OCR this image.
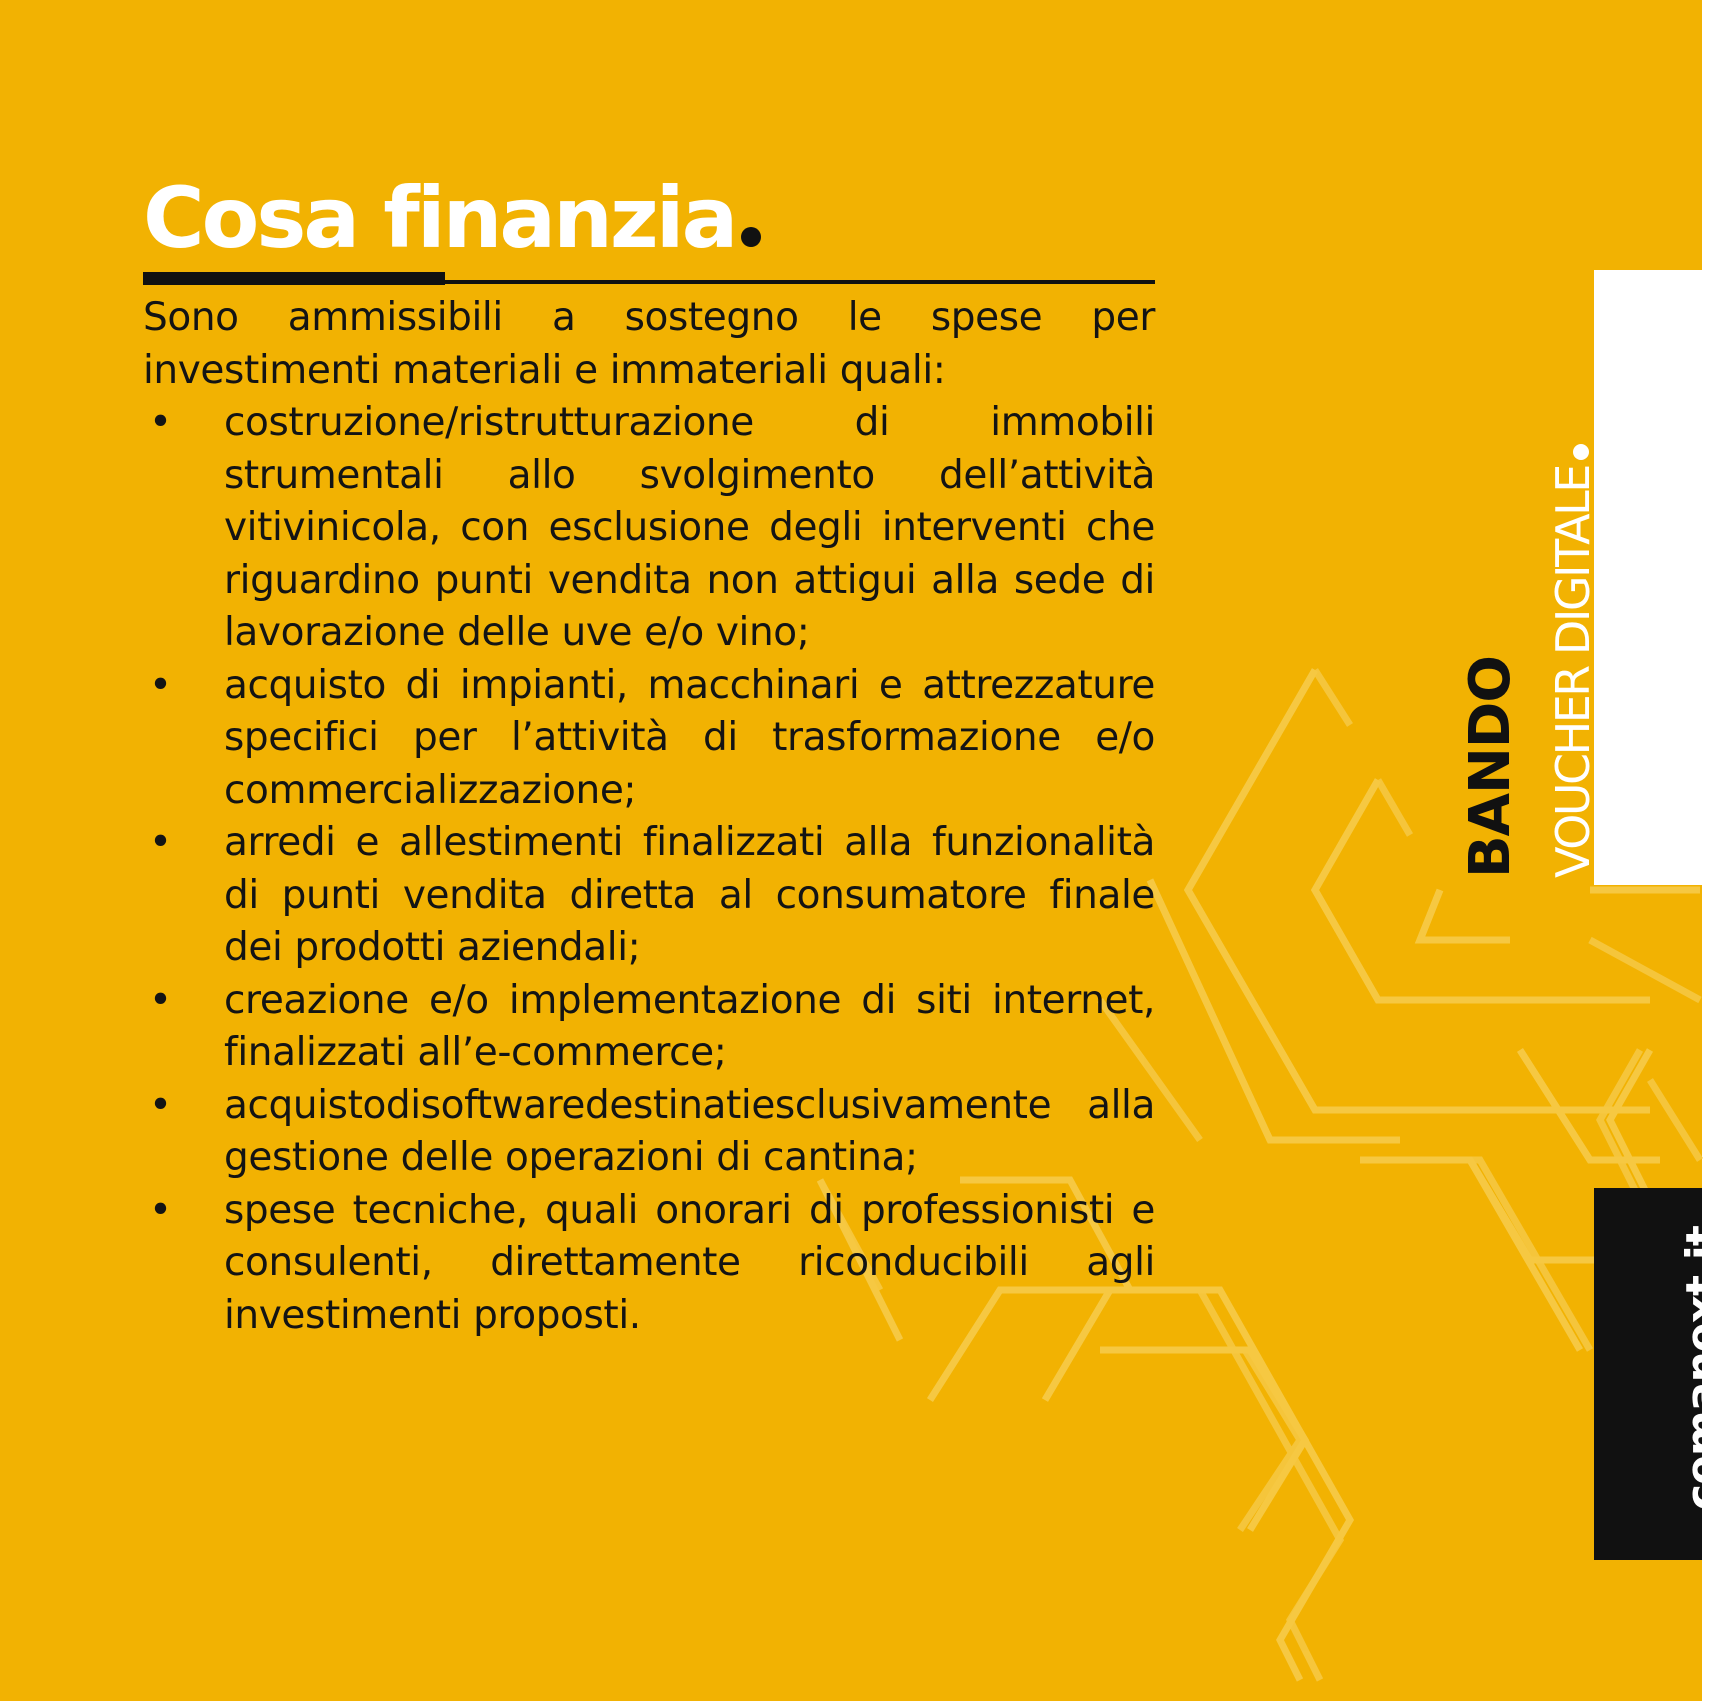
Cosa finanzia

Sono ammissibili a sostegno le spese per investimenti materiali e immateriali quali:

• costruzione/ristrutturazione di immobili strumentali allo svolgimento dell’attività vitivinicola, con esclusione degli interventi che riguardino punti vendita non attigui alla sede di lavorazione delle uve e/o vino;
• acquisto di impianti, macchinari e attrezzature specifici per l’attività di trasformazione e/o commercializzazione;
• arredi e allestimenti finalizzati alla funzionalità di punti vendita diretta al consumatore finale dei prodotti aziendali;
• creazione e/o implementazione di siti internet, finalizzati all’e-commerce;
• acquistodisoftwaredestinatiesclusivamente alla gestione delle operazioni di cantina;
• spese tecniche, quali onorari di professionisti e consulenti, direttamente riconducibili agli investimenti proposti.
BANDO VOUCHER DIGITALE
cemanext.it
